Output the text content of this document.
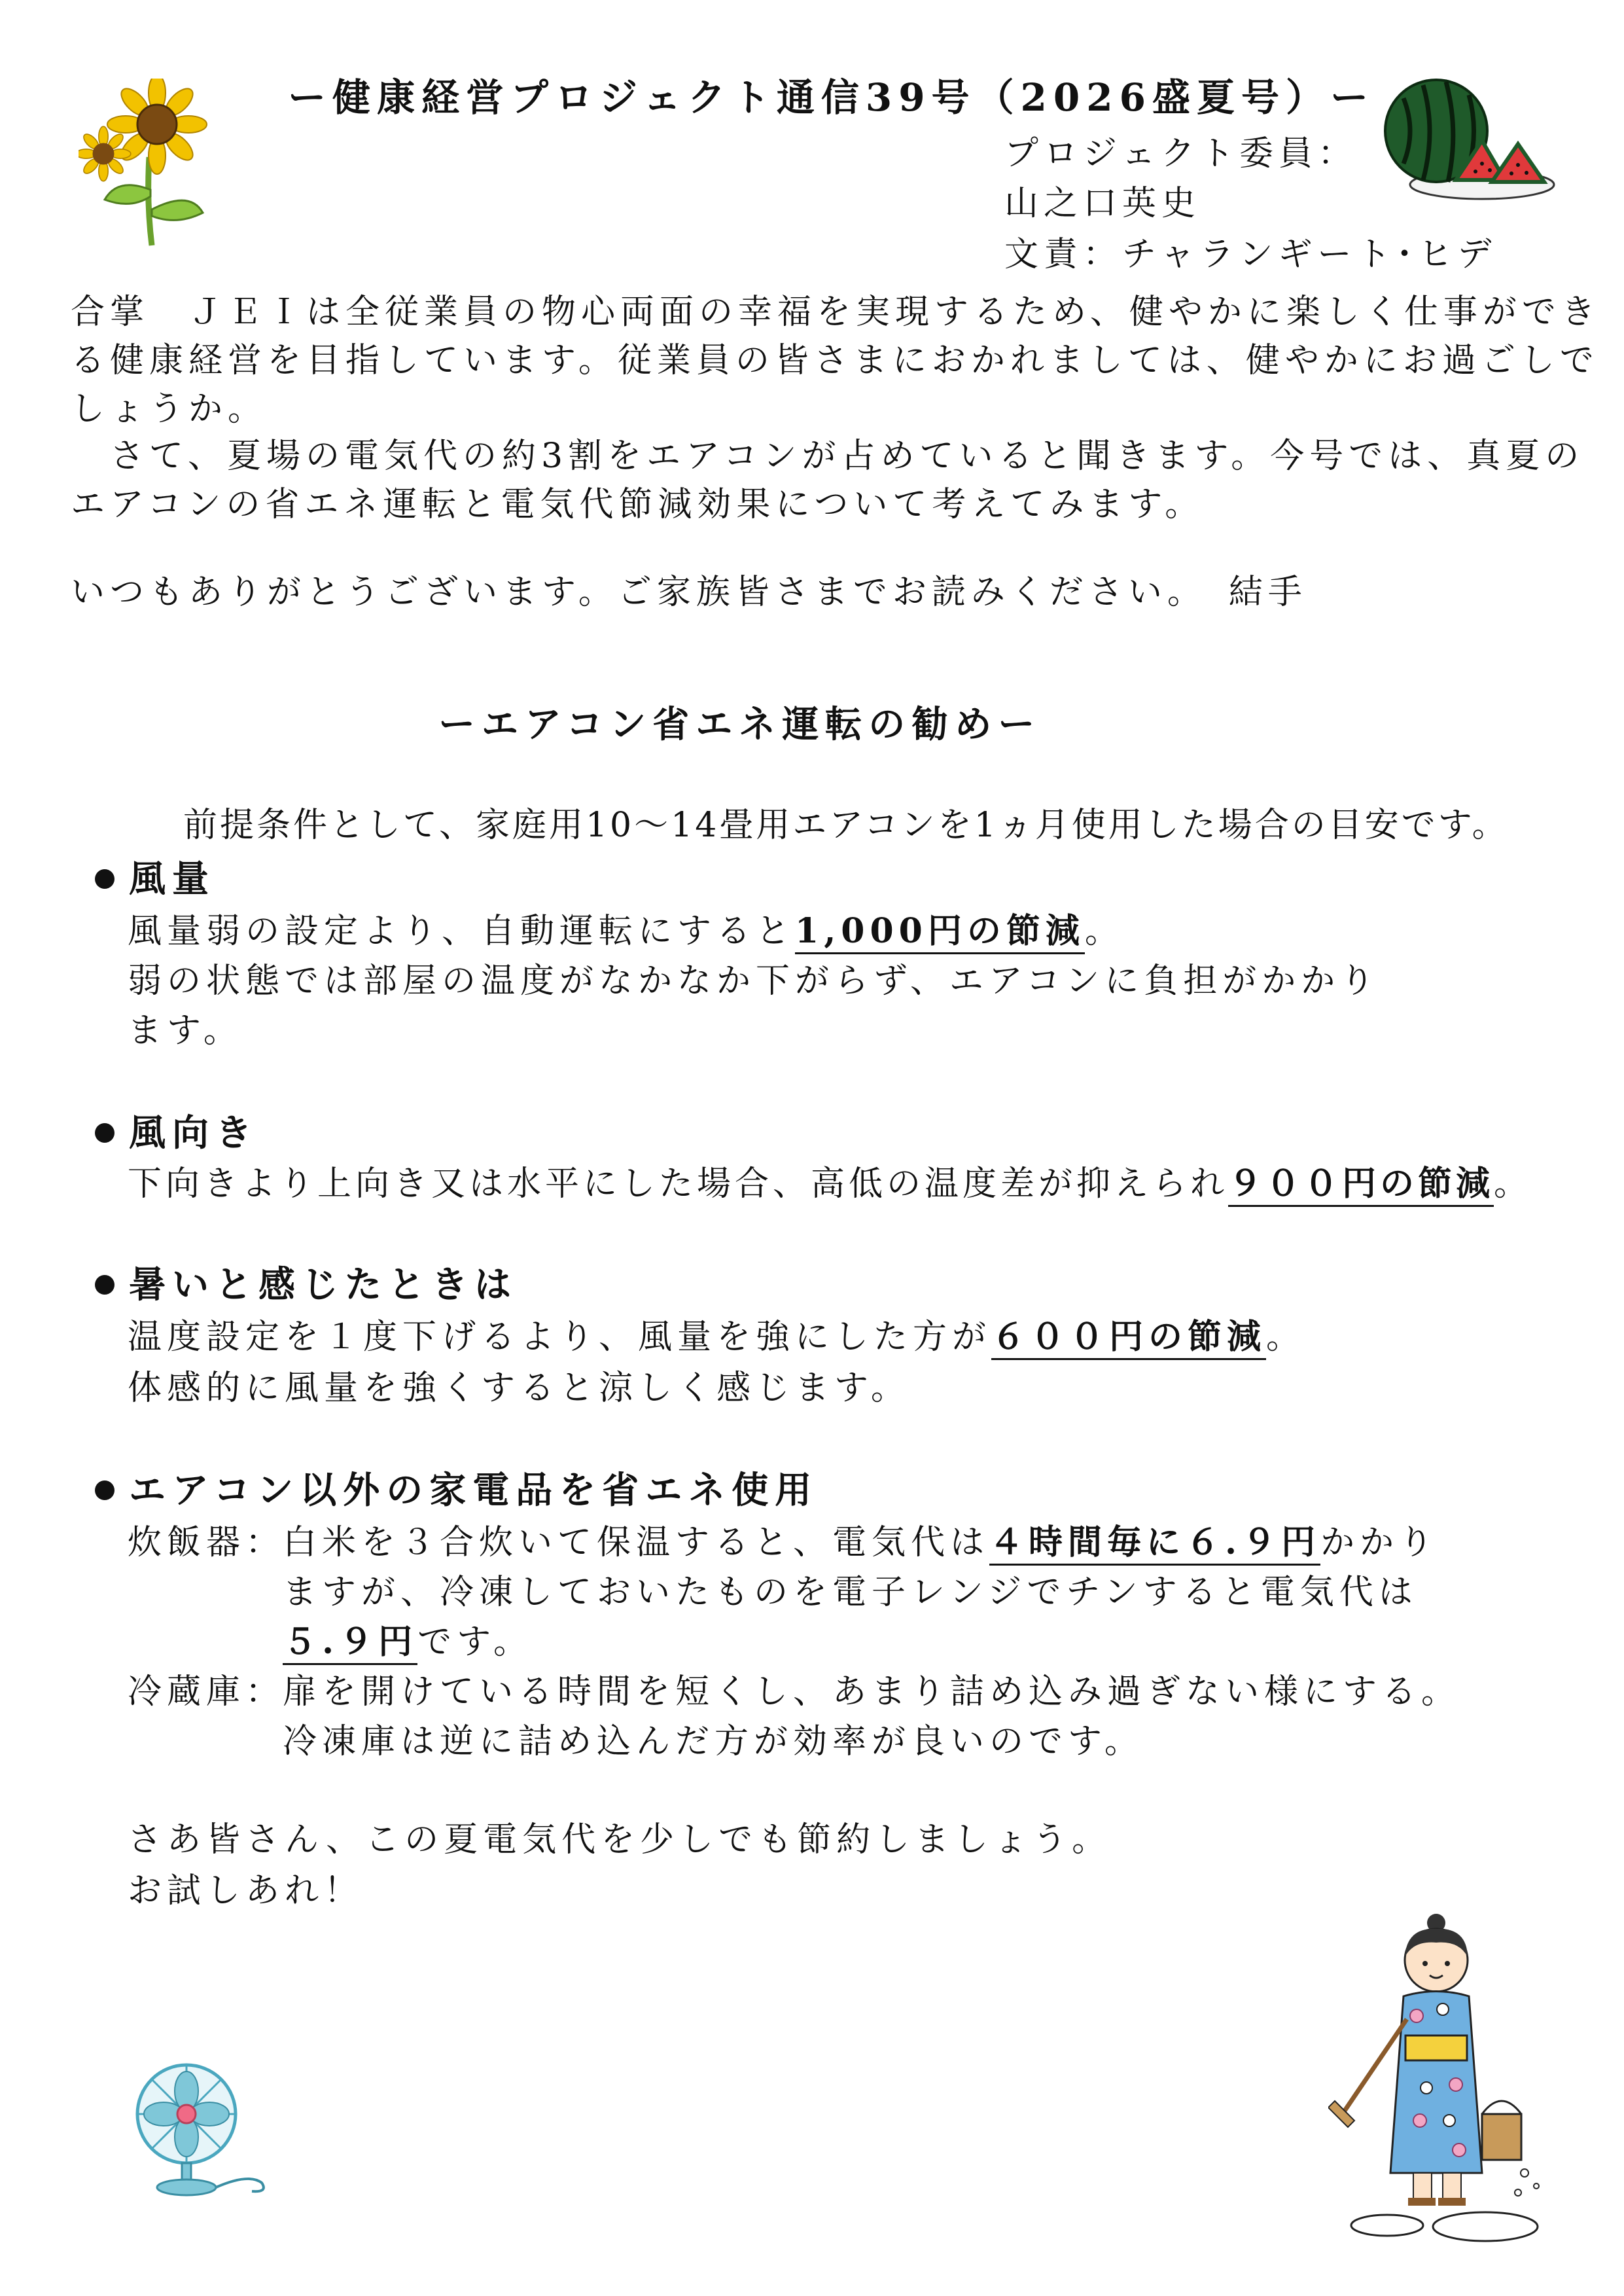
ー健康経営プロジェクト通信39号（2026盛夏号）ー
プロジェクト委員：
山之口英史
文責：チャランギート･ヒデ
合掌　ＪＥＩは全従業員の物心両面の幸福を実現するため、健やかに楽しく仕事ができ
る健康経営を目指しています。従業員の皆さまにおかれましては、健やかにお過ごしで
しょうか。
　さて、夏場の電気代の約3割をエアコンが占めていると聞きます。今号では、真夏の
エアコンの省エネ運転と電気代節減効果について考えてみます。
いつもありがとうございます。ご家族皆さまでお読みください。　結手
ーエアコン省エネ運転の勧めー
前提条件として、家庭用10～14畳用エアコンを1ヵ月使用した場合の目安です。
風量
風量弱の設定より、自動運転にすると1,000円の節減。
弱の状態では部屋の温度がなかなか下がらず、エアコンに負担がかかり
ます。
風向き
下向きより上向き又は水平にした場合、高低の温度差が抑えられ９００円の節減。
暑いと感じたときは
温度設定を１度下げるより、風量を強にした方が６００円の節減。
体感的に風量を強くすると涼しく感じます。
エアコン以外の家電品を省エネ使用
炊飯器：
白米を３合炊いて保温すると、電気代は４時間毎に６.９円かかり
ますが、冷凍しておいたものを電子レンジでチンすると電気代は
５.９円です。
冷蔵庫：
扉を開けている時間を短くし、あまり詰め込み過ぎない様にする。
冷凍庫は逆に詰め込んだ方が効率が良いのです。
さあ皆さん、この夏電気代を少しでも節約しましょう。
お試しあれ！
